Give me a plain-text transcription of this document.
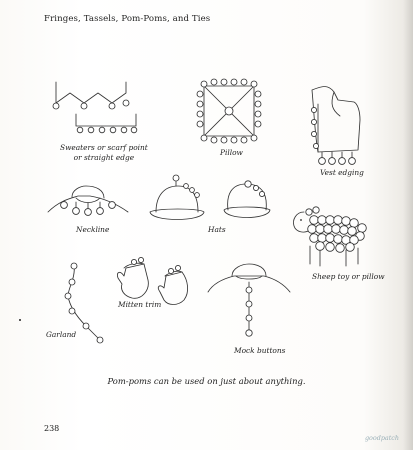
Fringes, Tassels, Pom-Poms, and Ties
Sweaters or scarf point
or straight edge	Pillow
Vest edging
Neckline	Hats
Sheep toy or pillow
Mitten trim
Garland
Mock buttons
Pom-poms can be used on just about anything.
238
goodpatch
